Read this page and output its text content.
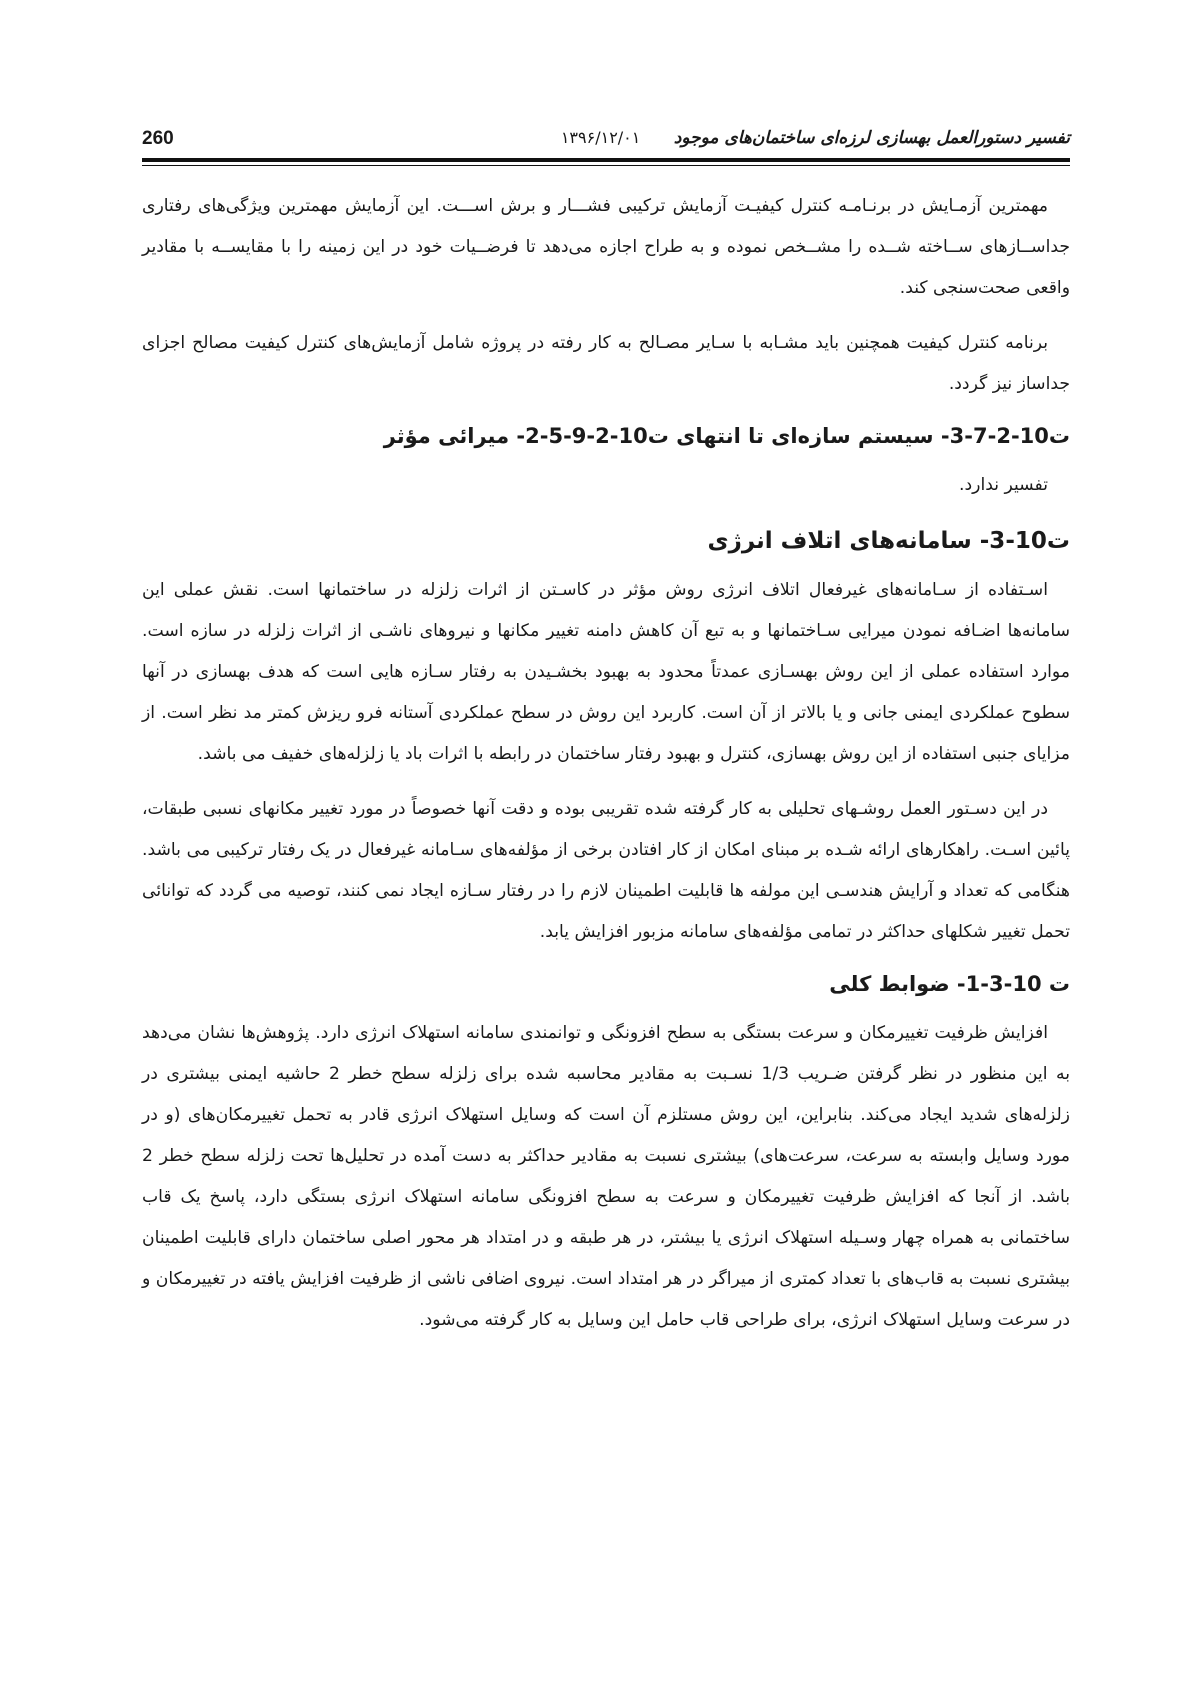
260	تفسیر دستورالعمل بهسازی لرزه‌ای ساختمان‌های موجود ۱۳۹۶/۱۲/۰۱

مهمترین آزمـایش در برنـامـه کنترل کیفیـت آزمایش ترکیبی فشـــار و برش اســـت. این آزمایش مهمترین ویژگی‌های رفتاری جداســازهای ســاخته شــده را مشــخص نموده و به طراح اجازه می‌دهد تا فرضــیات خود در این زمینه را با مقایســه با مقادیر واقعی صحت‌سنجی کند.

برنامه کنترل کیفیت همچنین باید مشـابه با سـایر مصـالح به کار رفته در پروژه شامل آزمایش‌های کنترل کیفیت مصالح اجزای جداساز نیز گردد.

ت10-2-7-3- سیستم سازه‌ای تا انتهای ت10-2-9-5-2- میرائی مؤثر

تفسیر ندارد.

ت10-3- سامانه‌های اتلاف انرژی

اسـتفاده از سـامانه‌های غیرفعال اتلاف انرژی روش مؤثر در کاسـتن از اثرات زلزله در ساختمانها است. نقش عملی این سامانه‌ها اضـافه نمودن میرایی سـاختمانها و به تبع آن کاهش دامنه تغییر مکانها و نیروهای ناشـی از اثرات زلزله در سازه است. موارد استفاده عملی از این روش بهسـازی عمدتاً محدود به بهبود بخشـیدن به رفتار سـازه هایی است که هدف بهسازی در آنها سطوح عملکردی ایمنی جانی و یا بالاتر از آن است. کاربرد این روش در سطح عملکردی آستانه فرو ریزش کمتر مد نظر است. از مزایای جنبی استفاده از این روش بهسازی، کنترل و بهبود رفتار ساختمان در رابطه با اثرات باد یا زلزله‌های خفیف می باشد.

در این دسـتور العمل روشـهای تحلیلی به کار گرفته شده تقریبی بوده و دقت آنها خصوصاً در مورد تغییر مکانهای نسبی طبقات، پائین اسـت. راهکارهای ارائه شـده بر مبنای امکان از کار افتادن برخی از مؤلفه‌های سـامانه غیرفعال در یک رفتار ترکیبی می باشد. هنگامی که تعداد و آرایش هندسـی این مولفه ها قابلیت اطمینان لازم را در رفتار سـازه ایجاد نمی کنند، توصیه می گردد که توانائی تحمل تغییر شکلهای حداکثر در تمامی مؤلفه‌های سامانه مزبور افزایش یابد.

ت 10-3-1- ضوابط کلی

افزایش ظرفیت تغییرمکان و سرعت بستگی به سطح افزونگی و توانمندی سامانه استهلاک انرژی دارد. پژوهش‌ها نشان می‌دهد به این منظور در نظر گرفتن ضـریب 1/3 نسـبت به مقادیر محاسبه شده برای زلزله سطح خطر 2 حاشیه ایمنی بیشتری در زلزله‌های شدید ایجاد می‌کند. بنابراین، این روش مستلزم آن است که وسایل استهلاک انرژی قادر به تحمل تغییرمکان‌های (و در مورد وسایل وابسته به سرعت، سرعت‌های) بیشتری نسبت به مقادیر حداکثر به دست آمده در تحلیل‌ها تحت زلزله سطح خطر 2 باشد. از آنجا که افزایش ظرفیت تغییرمکان و سرعت به سطح افزونگی سامانه استهلاک انرژی بستگی دارد، پاسخ یک قاب ساختمانی به همراه چهار وسـیله استهلاک انرژی یا بیشتر، در هر طبقه و در امتداد هر محور اصلی ساختمان دارای قابلیت اطمینان بیشتری نسبت به قاب‌های با تعداد کمتری از میراگر در هر امتداد است. نیروی اضافی ناشی از ظرفیت افزایش یافته در تغییرمکان و در سرعت وسایل استهلاک انرژی، برای طراحی قاب حامل این وسایل به کار گرفته می‌شود.
